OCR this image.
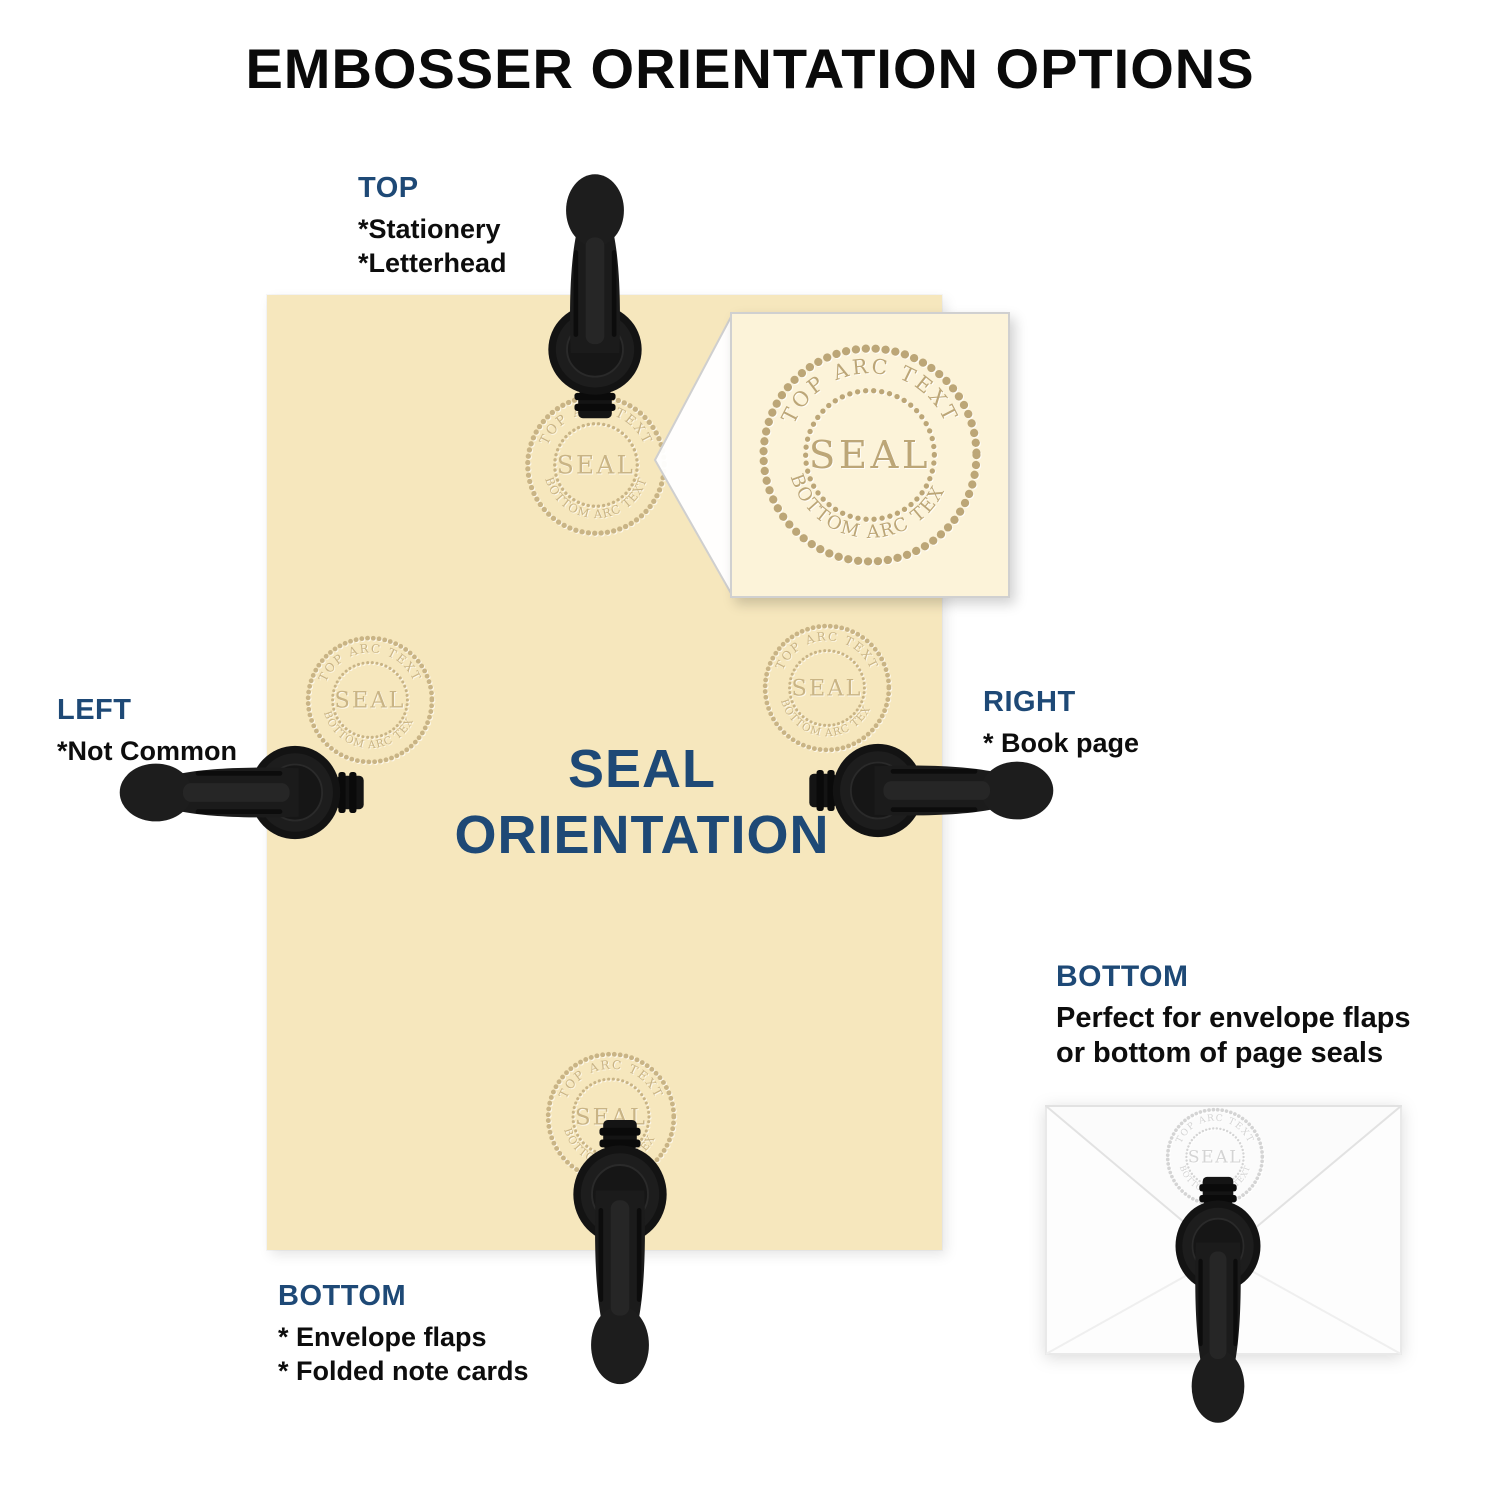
EMBOSSER ORIENTATION OPTIONS
SEAL
ORIENTATION

TOP

*Stationery

*Letterhead

LEFT

*Not Common

RIGHT

* Book page

BOTTOM

* Envelope flaps

* Folded note cards

BOTTOM

Perfect for envelope flaps

or bottom of page seals
